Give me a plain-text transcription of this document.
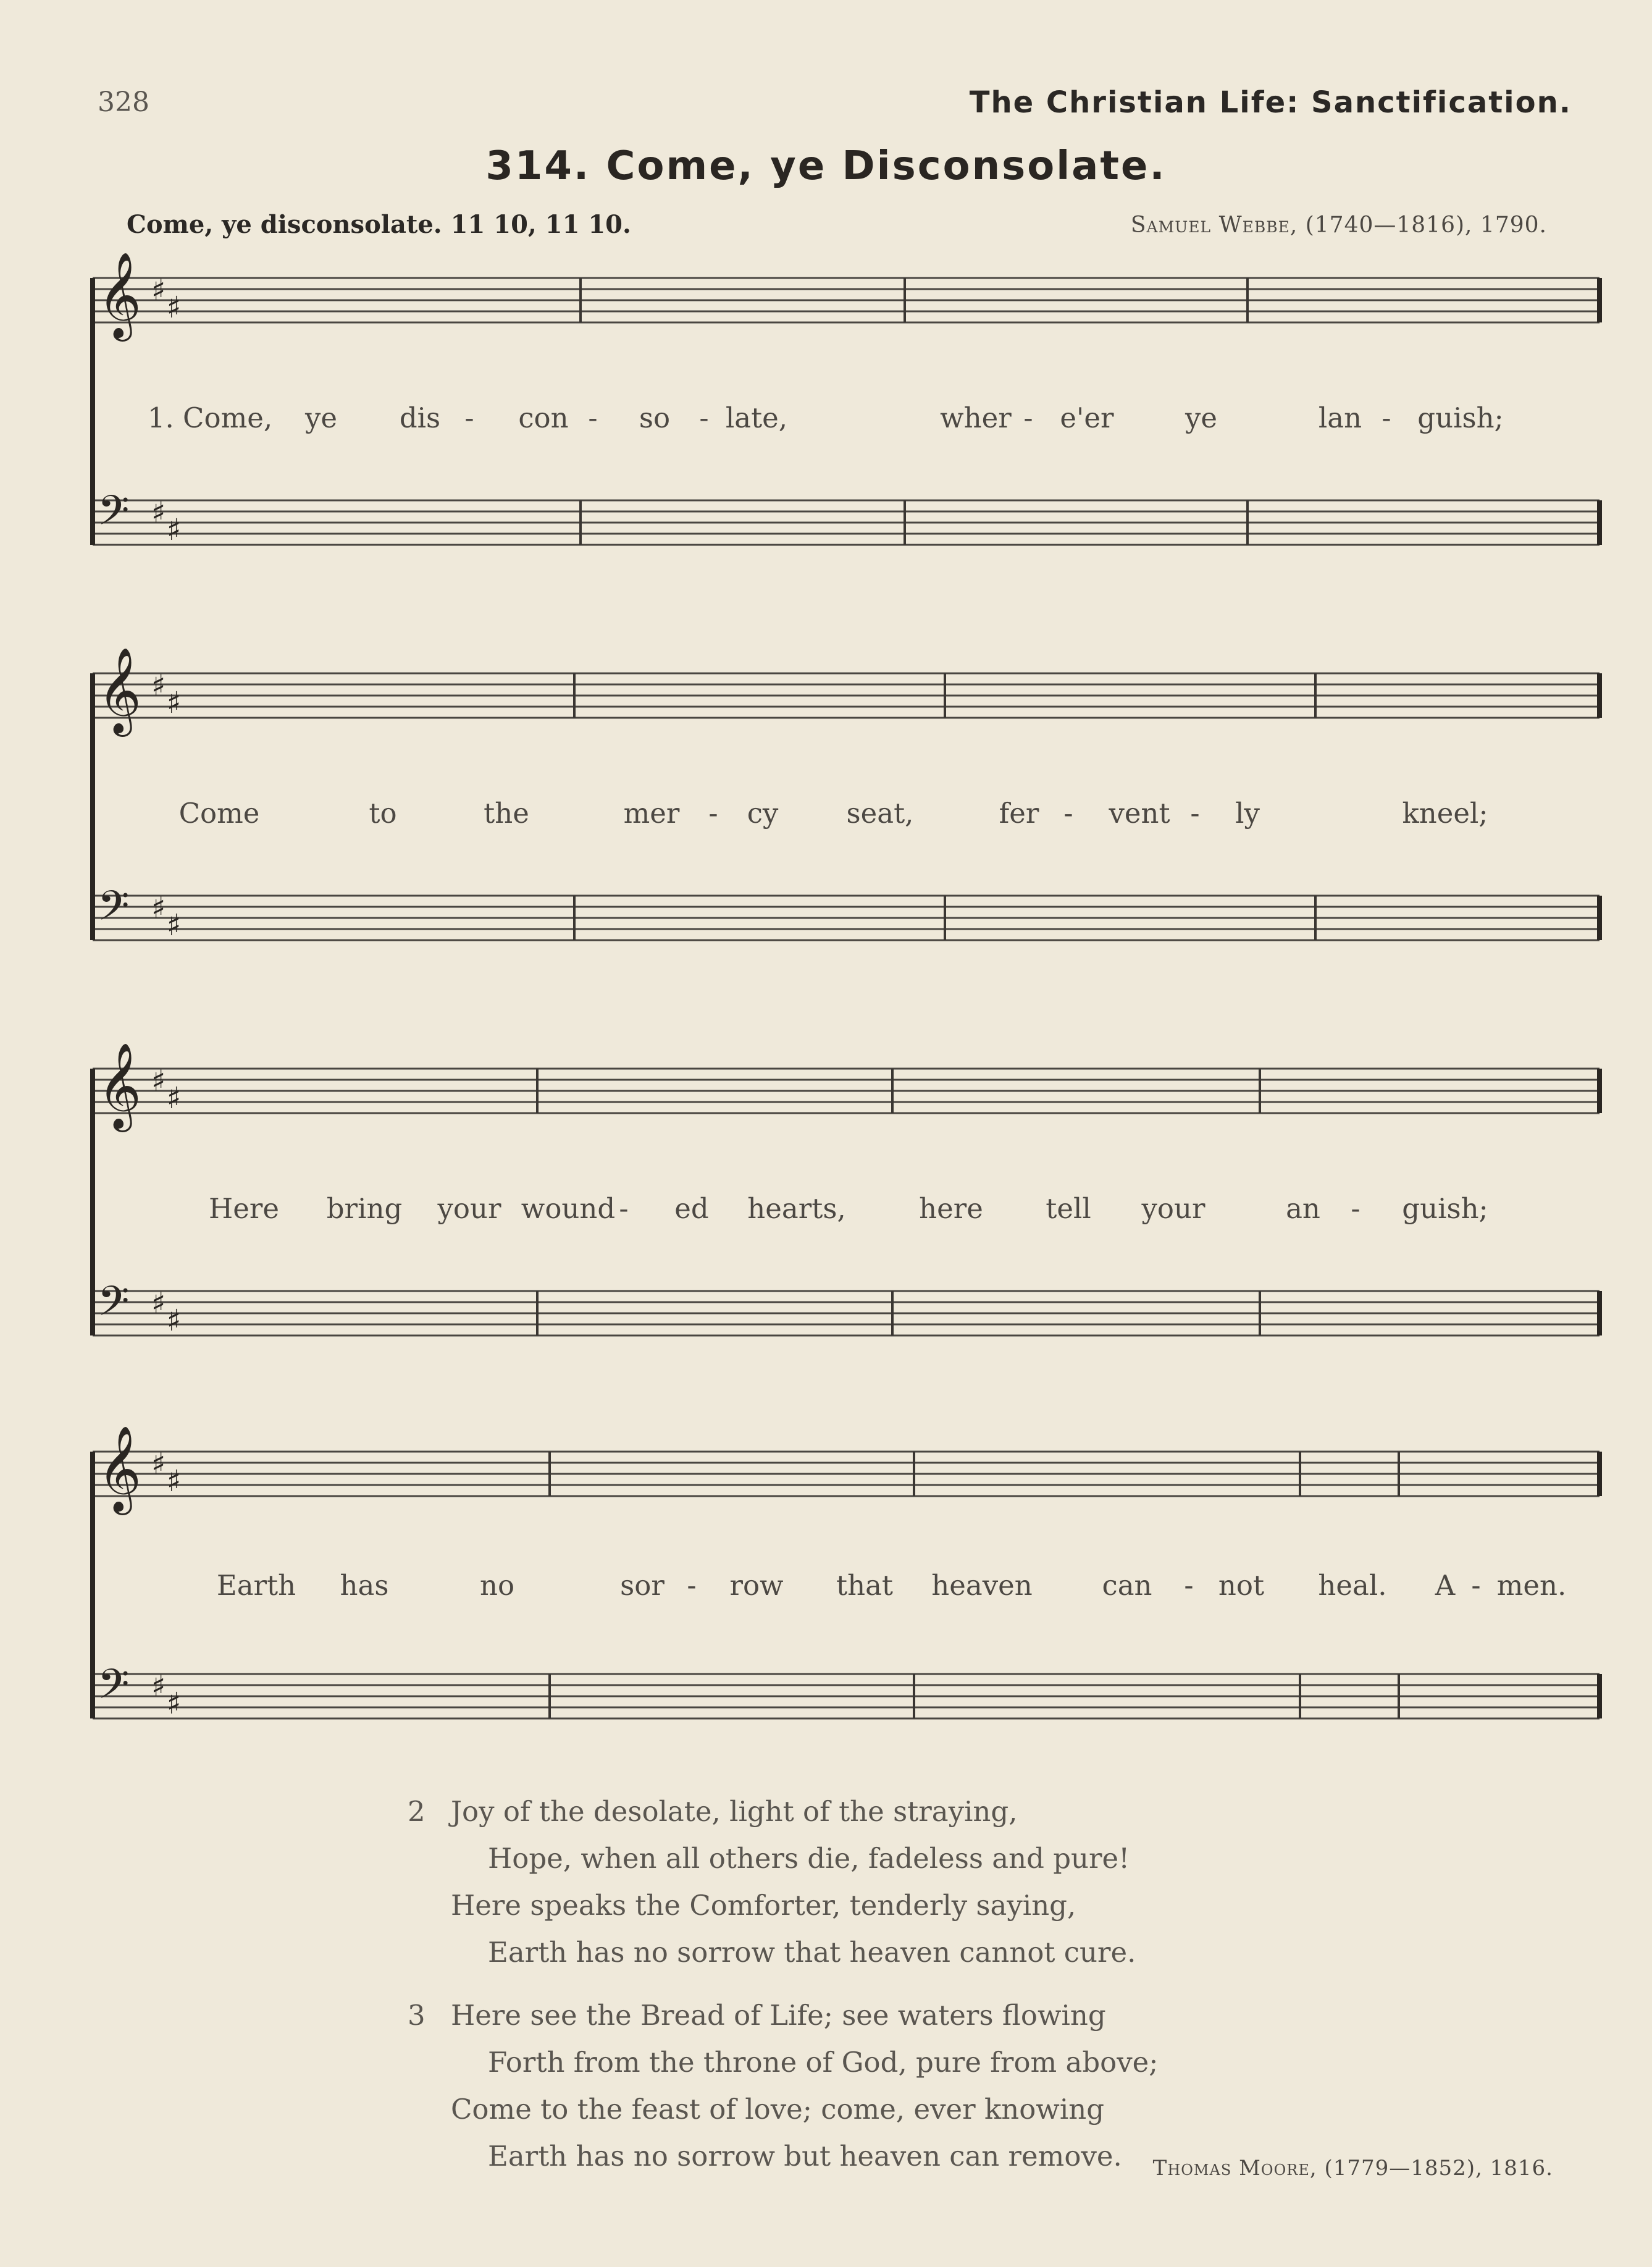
328	The Christian Life: Sanctification.
314. Come, ye Disconsolate.
Come, ye disconsolate. 11 10, 11 10.	Samuel Webbe, (1740—1816), 1790.
𝄞 ♯ ♯
𝄢 ♯ ♯
𝄞 ♯ ♯
𝄢 ♯ ♯
𝄞 ♯ ♯
𝄢 ♯ ♯
𝄞 ♯ ♯
𝄢 ♯ ♯
1. Come, ye dis - con - so - late,	wher - e'er	ye	lan - guish;
Come	to	the	mer - cy seat,	fer - vent - ly	kneel;
Here bring your wound - ed hearts,	here tell your	an - guish;
Earth has	no	sor - row that heaven	can - not heal. A - men.
2 Joy of the desolate, light of the straying,
Hope, when all others die, fadeless and pure!
Here speaks the Comforter, tenderly saying,
Earth has no sorrow that heaven cannot cure.
3 Here see the Bread of Life; see waters flowing
Forth from the throne of God, pure from above;
Come to the feast of love; come, ever knowing
Earth has no sorrow but heaven can remove.	Thomas Moore, (1779—1852), 1816.
